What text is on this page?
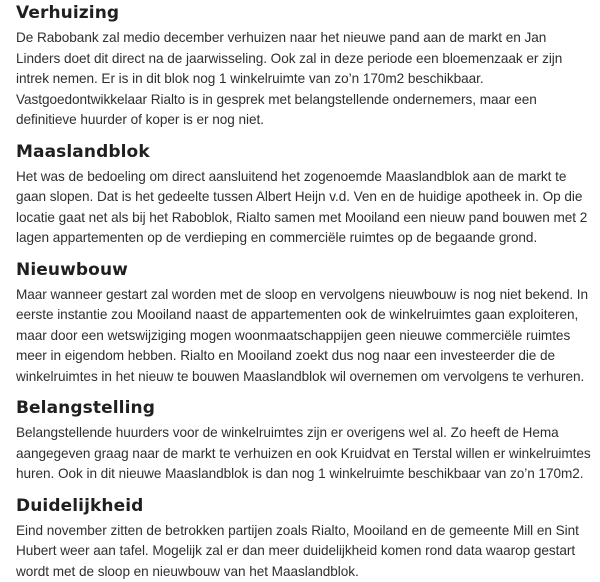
Verhuizing

De Rabobank zal medio december verhuizen naar het nieuwe pand aan de markt en Jan Linders doet dit direct na de jaarwisseling. Ook zal in deze periode een bloemenzaak er zijn intrek nemen. Er is in dit blok nog 1 winkelruimte van zo’n 170m2 beschikbaar. Vastgoedontwikkelaar Rialto is in gesprek met belangstellende ondernemers, maar een definitieve huurder of koper is er nog niet.

Maaslandblok

Het was de bedoeling om direct aansluitend het zogenoemde Maaslandblok aan de markt te gaan slopen. Dat is het gedeelte tussen Albert Heijn v.d. Ven en de huidige apotheek in. Op die locatie gaat net als bij het Raboblok, Rialto samen met Mooiland een nieuw pand bouwen met 2 lagen appartementen op de verdieping en commerciële ruimtes op de begaande grond.

Nieuwbouw

Maar wanneer gestart zal worden met de sloop en vervolgens nieuwbouw is nog niet bekend. In eerste instantie zou Mooiland naast de appartementen ook de winkelruimtes gaan exploiteren, maar door een wetswijziging mogen woonmaatschappijen geen nieuwe commerciële ruimtes meer in eigendom hebben. Rialto en Mooiland zoekt dus nog naar een investeerder die de winkelruimtes in het nieuw te bouwen Maaslandblok wil overnemen om vervolgens te verhuren.

Belangstelling

Belangstellende huurders voor de winkelruimtes zijn er overigens wel al. Zo heeft de Hema aangegeven graag naar de markt te verhuizen en ook Kruidvat en Terstal willen er winkelruimtes huren. Ook in dit nieuwe Maaslandblok is dan nog 1 winkelruimte beschikbaar van zo’n 170m2.

Duidelijkheid

Eind november zitten de betrokken partijen zoals Rialto, Mooiland en de gemeente Mill en Sint Hubert weer aan tafel. Mogelijk zal er dan meer duidelijkheid komen rond data waarop gestart wordt met de sloop en nieuwbouw van het Maaslandblok.
